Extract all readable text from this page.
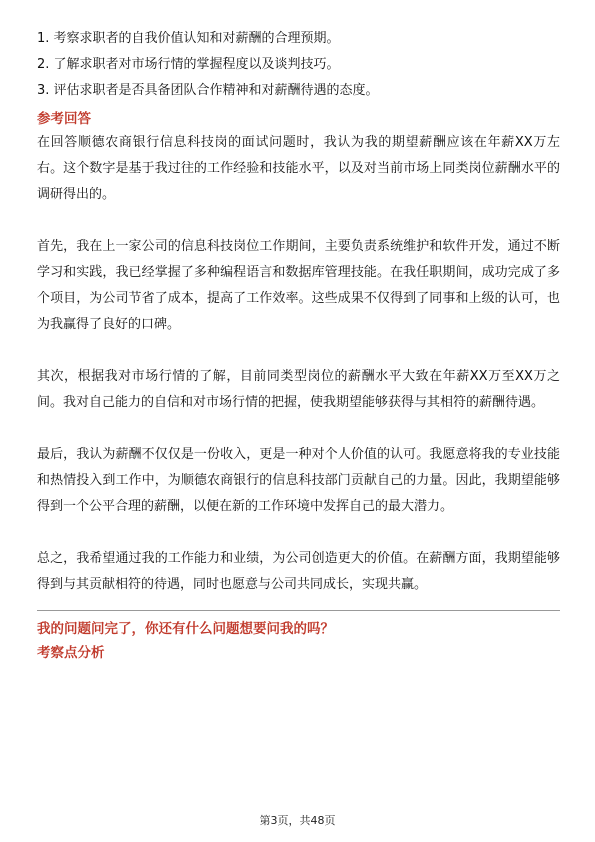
1. 考察求职者的自我价值认知和对薪酬的合理预期。

2. 了解求职者对市场行情的掌握程度以及谈判技巧。

3. 评估求职者是否具备团队合作精神和对薪酬待遇的态度。

参考回答

在回答顺德农商银行信息科技岗的面试问题时，我认为我的期望薪酬应该在年薪XX万左右。这个数字是基于我过往的工作经验和技能水平，以及对当前市场上同类岗位薪酬水平的调研得出的。

首先，我在上一家公司的信息科技岗位工作期间，主要负责系统维护和软件开发，通过不断学习和实践，我已经掌握了多种编程语言和数据库管理技能。在我任职期间，成功完成了多个项目，为公司节省了成本，提高了工作效率。这些成果不仅得到了同事和上级的认可，也为我赢得了良好的口碑。

其次，根据我对市场行情的了解，目前同类型岗位的薪酬水平大致在年薪XX万至XX万之间。我对自己能力的自信和对市场行情的把握，使我期望能够获得与其相符的薪酬待遇。

最后，我认为薪酬不仅仅是一份收入，更是一种对个人价值的认可。我愿意将我的专业技能和热情投入到工作中，为顺德农商银行的信息科技部门贡献自己的力量。因此，我期望能够得到一个公平合理的薪酬，以便在新的工作环境中发挥自己的最大潜力。

总之，我希望通过我的工作能力和业绩，为公司创造更大的价值。在薪酬方面，我期望能够得到与其贡献相符的待遇，同时也愿意与公司共同成长，实现共赢。

我的问题问完了，你还有什么问题想要问我的吗？

考察点分析

第3页，共48页
